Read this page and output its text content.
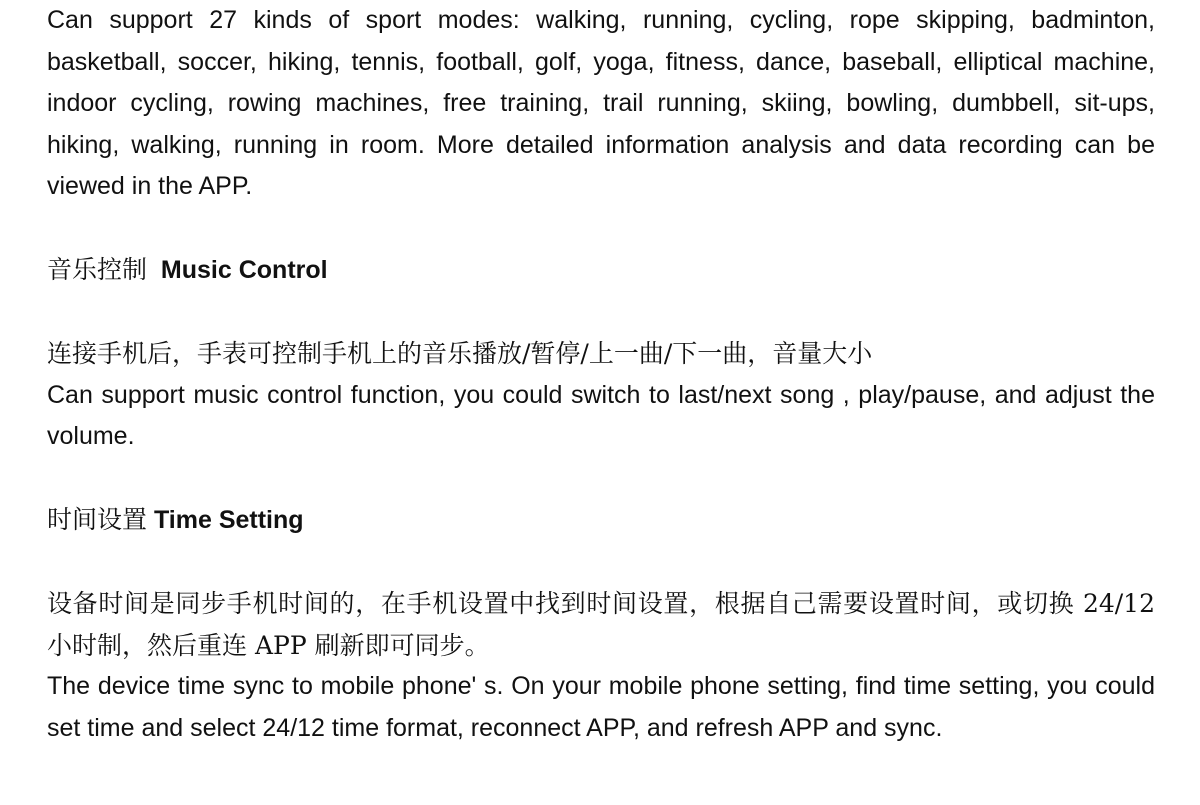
Can support 27 kinds of sport modes: walking, running, cycling, rope skipping, badminton, basketball, soccer, hiking, tennis, football, golf, yoga, fitness, dance, baseball, elliptical machine, indoor cycling, rowing machines, free training, trail running, skiing, bowling, dumbbell, sit-ups, hiking, walking, running in room. More detailed information analysis and data recording can be viewed in the APP.

音乐控制 Music Control

连接手机后，手表可控制手机上的音乐播放/暂停/上一曲/下一曲，音量大小

Can support music control function, you could switch to last/next song , play/pause, and adjust the volume.

时间设置 Time Setting

设备时间是同步手机时间的，在手机设置中找到时间设置，根据自己需要设置时间，或切换 24/12 小时制，然后重连 APP 刷新即可同步。

The device time sync to mobile phone' s. On your mobile phone setting, find time setting, you could set time and select 24/12 time format, reconnect APP, and refresh APP and sync.
